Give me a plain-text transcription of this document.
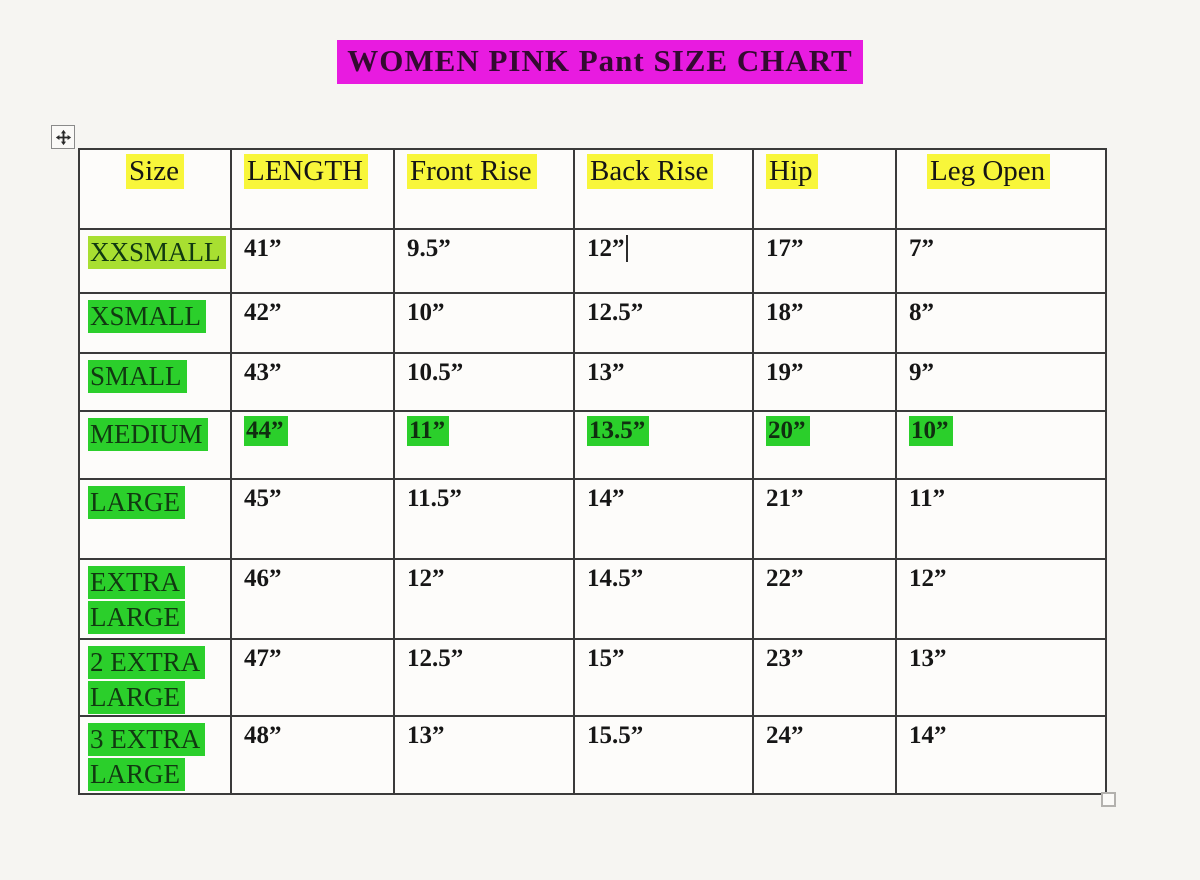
WOMEN PINK Pant SIZE CHART
Size	LENGTH	Front Rise	Back Rise	Hip	Leg Open
XXSMALL	41”	9.5”	12”	17”	7”
XSMALL	42”	10”	12.5”	18”	8”
SMALL	43”	10.5”	13”	19”	9”
MEDIUM	44”	11”	13.5”	20”	10”
LARGE	45”	11.5”	14”	21”	11”
EXTRA LARGE	46”	12”	14.5”	22”	12”
2 EXTRA LARGE	47”	12.5”	15”	23”	13”
3 EXTRA LARGE	48”	13”	15.5”	24”	14”
